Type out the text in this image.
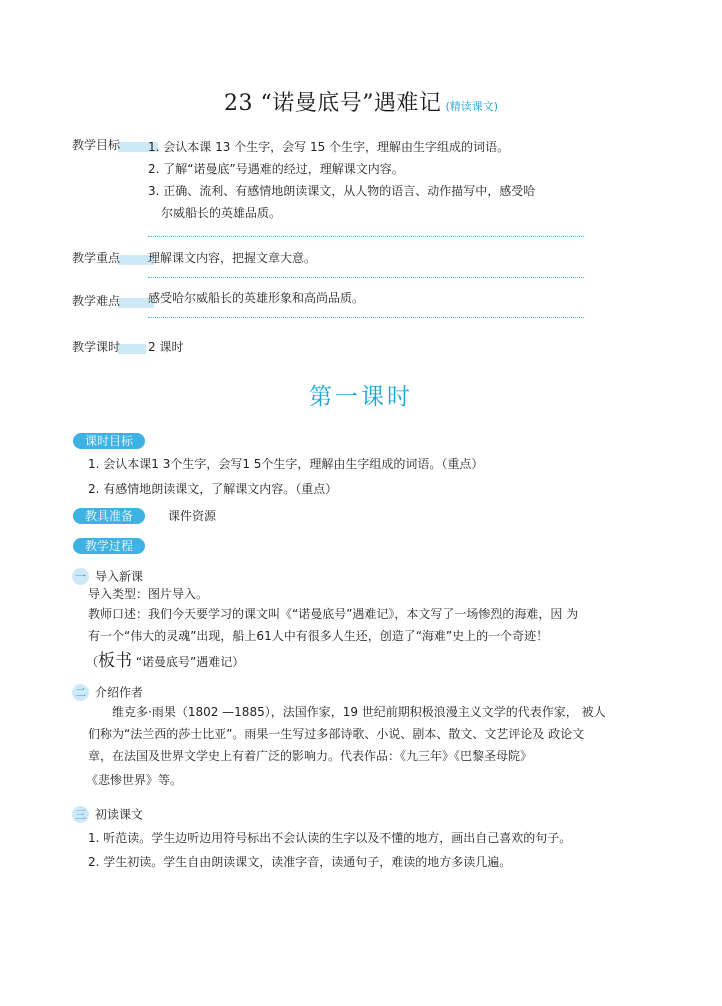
23 “诺曼底号”遇难记 (精读课文)
教学目标 1. 会认本课 13 个生字，会写 15 个生字，理解由生字组成的词语。
2. 了解“诺曼底”号遇难的经过，理解课文内容。
3. 正确、流利、有感情地朗读课文，从人物的语言、动作描写中，感受哈
尔威船长的英雄品质。
教学重点 理解课文内容，把握文章大意。
教学难点 感受哈尔威船长的英雄形象和高尚品质。
教学课时 2 课时
第一课时
课时目标
1. 会认本课1 3个生字，会写1 5个生字，理解由生字组成的词语。（重点）
2. 有感情地朗读课文，了解课文内容。（重点）
教具准备	课件资源
教学过程
一 导入新课
导入类型：图片导入。
教师口述：我们今天要学习的课文叫《“诺曼底号”遇难记》，本文写了一场惨烈的海难，因 为
有一个“伟大的灵魂”出现，船上61人中有很多人生还，创造了“海难”史上的一个奇迹！
（板书 “诺曼底号”遇难记）
二 介绍作者
维克多·雨果（1802 —1885），法国作家，19 世纪前期积极浪漫主义文学的代表作家， 被人
们称为“法兰西的莎士比亚”。雨果一生写过多部诗歌、小说、剧本、散文、文艺评论及 政论文
章，在法国及世界文学史上有着广泛的影响力。代表作品：《九三年》《巴黎圣母院》
《悲惨世界》等。
三 初读课文
1. 听范读。学生边听边用符号标出不会认读的生字以及不懂的地方，画出自己喜欢的句子。
2. 学生初读。学生自由朗读课文，读准字音，读通句子，难读的地方多读几遍。
